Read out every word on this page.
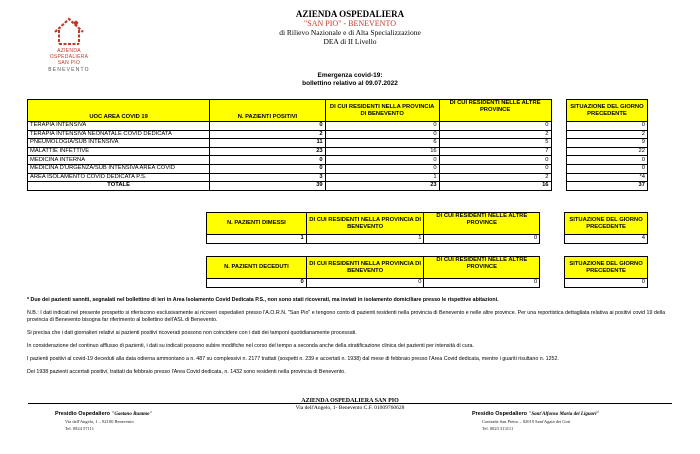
AZIENDA
OSPEDALIERA
SAN PIO
BENEVENTO
AZIENDA OSPEDALIERA
"SAN PIO" - BENEVENTO
di Rilievo Nazionale e di Alta Specializzazione
DEA di II Livello
Emergenza covid-19:
bollettino relativo al 09.07.2022
UOC AREA COVID 19	N. PAZIENTI POSITIVI	DI CUI RESIDENTI NELLA PROVINCIA DI BENEVENTO	DI CUI RESIDENTI NELLE ALTRE PROVINCE		SITUAZIONE DEL GIORNO PRECEDENTE
TERAPIA INTENSIVA	0	0	0		0
TERAPIA INTENSIVA NEONATALE COVID DEDICATA	2	0	2		2
PNEUMOLOGIA/SUB INTENSIVA	11	6	5		9
MALATTIE INFETTIVE	23	16	7		22
MEDICINA INTERNA	0	0	0		0
MEDICINA D'URGENZA/SUB INTENSIVA AREA COVID	0	0	0		0
AREA ISOLAMENTO COVID DEDICATA P.S.	3	1	2		*4
TOTALE	39	23	16		37
N. PAZIENTI DIMESSI	DI CUI RESIDENTI NELLA PROVINCIA DI BENEVENTO	DI CUI RESIDENTI NELLE ALTRE PROVINCE		SITUAZIONE DEL GIORNO PRECEDENTE
1	1	0		4
N. PAZIENTI DECEDUTI	DI CUI RESIDENTI NELLA PROVINCIA DI BENEVENTO	DI CUI RESIDENTI NELLE ALTRE PROVINCE		SITUAZIONE DEL GIORNO PRECEDENTE
0	0	0		0

* Due dei pazienti sanniti, segnalati nel bollettino di ieri in Area Isolamento Covid Dedicata P.S., non sono stati ricoverati, ma inviati in isolamento domiciliare presso le rispettive abitazioni.

N.B.: I dati indicati nel presente prospetto si riferiscono esclusivamente ai ricoveri ospedalieri presso l'A.O.R.N. "San Pio" e tengono conto di pazienti residenti nella provincia di Benevento e nelle altre province. Per una reportistica dettagliata relativa ai positivi covid 19 della provincia di Benevento bisogna far riferimento al bollettino dell'ASL di Benevento.

Si precisa che i dati giornalieri relativi ai pazienti positivi ricoverati possono non coincidere con i dati dei tamponi quotidianamente processati.

In considerazione del continuo afflusso di pazienti, i dati su indicati possono subire modifiche nel corso del tempo a seconda anche della stratificazione clinica dei pazienti per intensità di cura.

I pazienti positivi al covid-19 deceduti alla data odierna ammontano a n. 487 su complessivi n. 2177 trattati (sospetti n. 239 e accertati n. 1938) dal mese di febbraio presso l'Area Covid dedicata, mentre i guariti risultano n. 1252.

Dei 1938 pazienti accertati positivi, trattati da febbraio presso l'Area Covid dedicata, n. 1432 sono residenti nella provincia di Benevento.

AZIENDA OSPEDALIERA SAN PIO
Via dell'Angelo, 1- Benevento C.F. 01009760628
Presidio Ospedaliero "Gaetano Rummo"
Via dell'Angelo, 1 – 82100 Benevento
Tel. 0824 57111
Presidio Ospedaliero "Sant'Alfonso Maria dei Liguori"
Contrada San Pietro – 82019 Sant'Agata dei Goti
Tel. 0823 313111
